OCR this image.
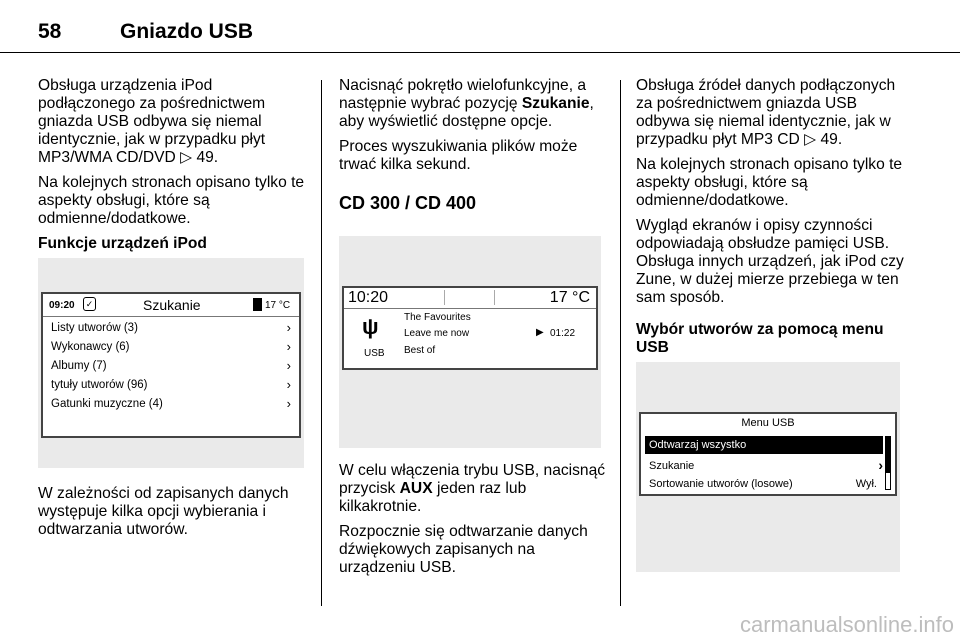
58	Gniazdo USB

Obsługa urządzenia iPod podłączonego za pośrednictwem gniazda USB odbywa się niemal identycznie, jak w przypadku płyt MP3/WMA CD/DVD ▷ 49.

Na kolejnych stronach opisano tylko te aspekty obsługi, które są odmienne/dodatkowe.

Funkcje urządzeń iPod
09:20	✓	Szukanie	17 °C
Listy utworów (3)	›
Wykonawcy (6)	›
Albumy (7)	›
tytuły utworów (96)	›
Gatunki muzyczne (4)	›

W zależności od zapisanych danych występuje kilka opcji wybierania i odtwarzania utworów.

Nacisnąć pokrętło wielofunkcyjne, a następnie wybrać pozycję Szukanie, aby wyświetlić dostępne opcje.

Proces wyszukiwania plików może trwać kilka sekund.

CD 300 / CD 400
10:20	17 °C
ψ
USB
The Favourites
Leave me now
Best of
▶ 01:22

W celu włączenia trybu USB, nacisnąć przycisk AUX jeden raz lub kilkakrotnie.

Rozpocznie się odtwarzanie danych dźwiękowych zapisanych na urządzeniu USB.

Obsługa źródeł danych podłączonych za pośrednictwem gniazda USB odbywa się niemal identycznie, jak w przypadku płyt MP3 CD ▷ 49.

Na kolejnych stronach opisano tylko te aspekty obsługi, które są odmienne/dodatkowe.

Wygląd ekranów i opisy czynności odpowiadają obsłudze pamięci USB. Obsługa innych urządzeń, jak iPod czy Zune, w dużej mierze przebiega w ten sam sposób.

Wybór utworów za pomocą menu USB
Menu USB
Odtwarzaj wszystko
Szukanie	›
Sortowanie utworów (losowe)	Wył.
carmanualsonline.info
